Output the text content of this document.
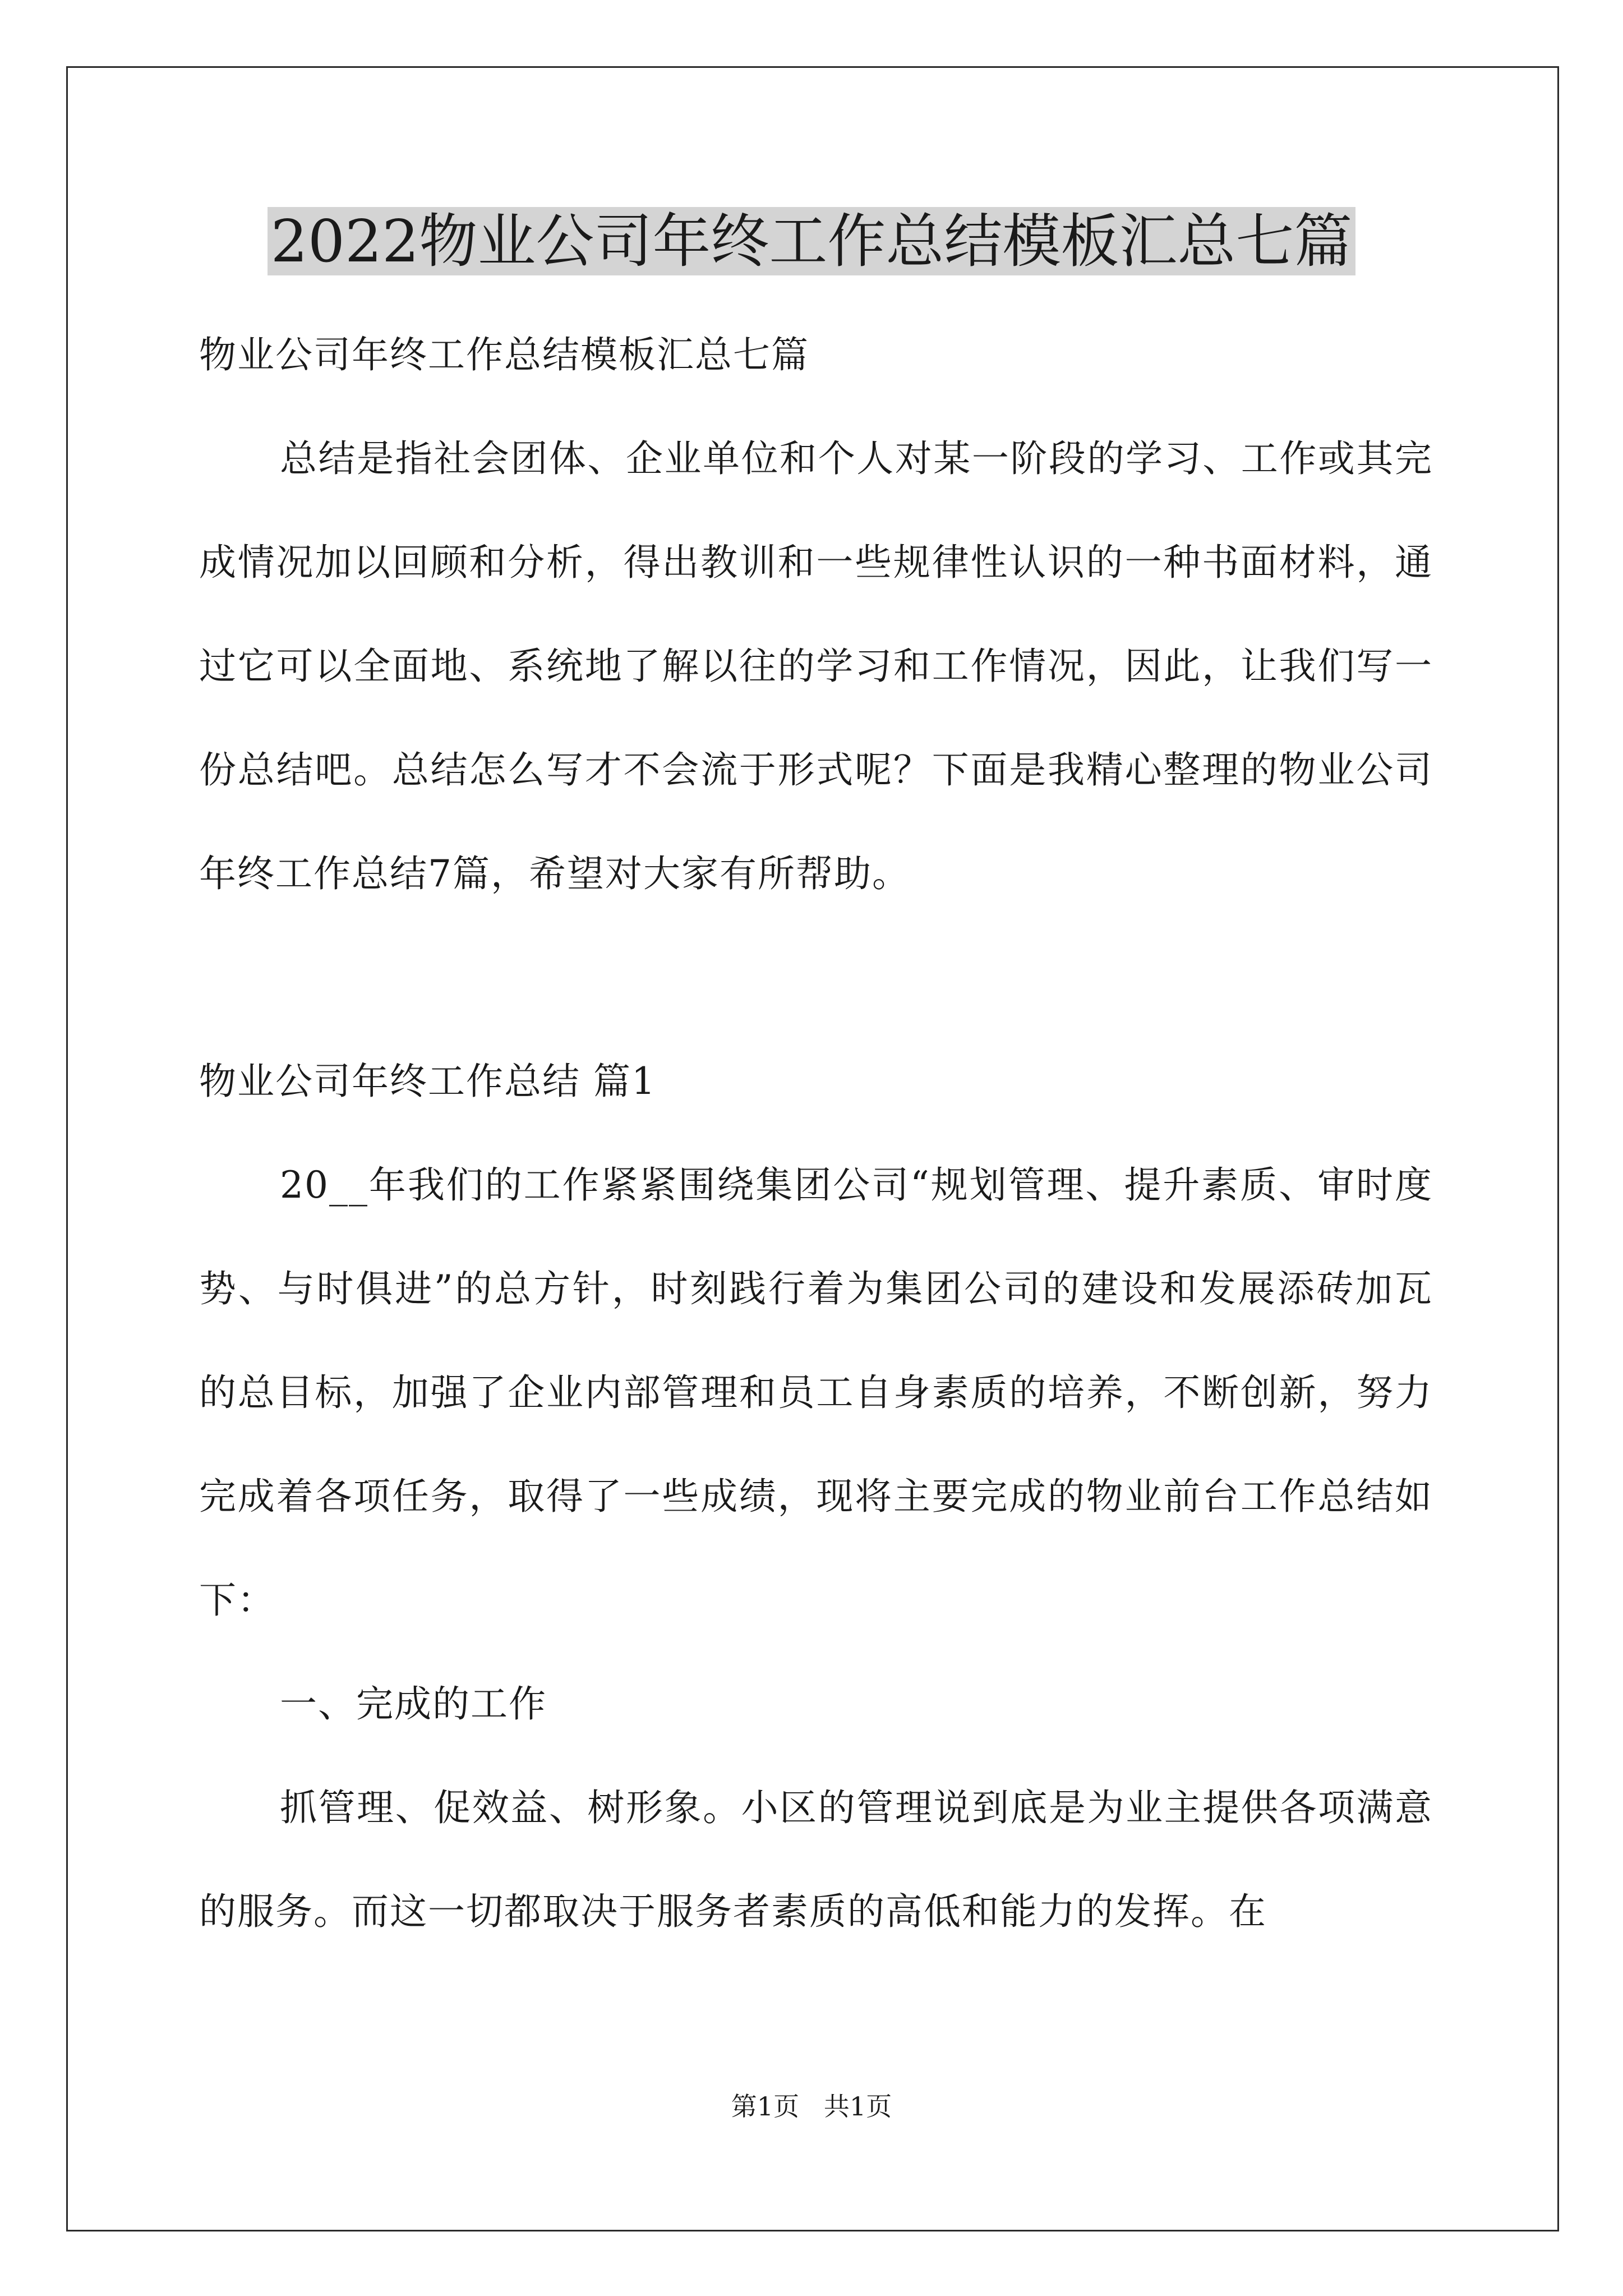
2022物业公司年终工作总结模板汇总七篇

物业公司年终工作总结模板汇总七篇

总结是指社会团体、企业单位和个人对某一阶段的学习、工作或其完成情况加以回顾和分析，得出教训和一些规律性认识的一种书面材料，通过它可以全面地、系统地了解以往的学习和工作情况，因此，让我们写一份总结吧。总结怎么写才不会流于形式呢？下面是我精心整理的物业公司年终工作总结7篇，希望对大家有所帮助。

物业公司年终工作总结 篇1

20__年我们的工作紧紧围绕集团公司“规划管理、提升素质、审时度势、与时俱进”的总方针，时刻践行着为集团公司的建设和发展添砖加瓦的总目标，加强了企业内部管理和员工自身素质的培养，不断创新，努力完成着各项任务，取得了一些成绩，现将主要完成的物业前台工作总结如下：

一、完成的工作

抓管理、促效益、树形象。小区的管理说到底是为业主提供各项满意的服务。而这一切都取决于服务者素质的高低和能力的发挥。在

第1页   共1页
